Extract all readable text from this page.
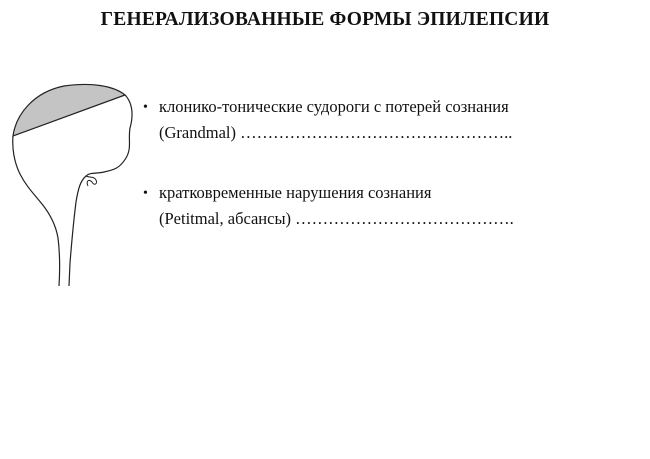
ГЕНЕРАЛИЗОВАННЫЕ ФОРМЫ ЭПИЛЕПСИИ
• клонико-тонические судороги с потерей сознания
(Grandmal) …………………………………………..
• кратковременные нарушения сознания
(Petitmal, абсансы) ………………………………….
